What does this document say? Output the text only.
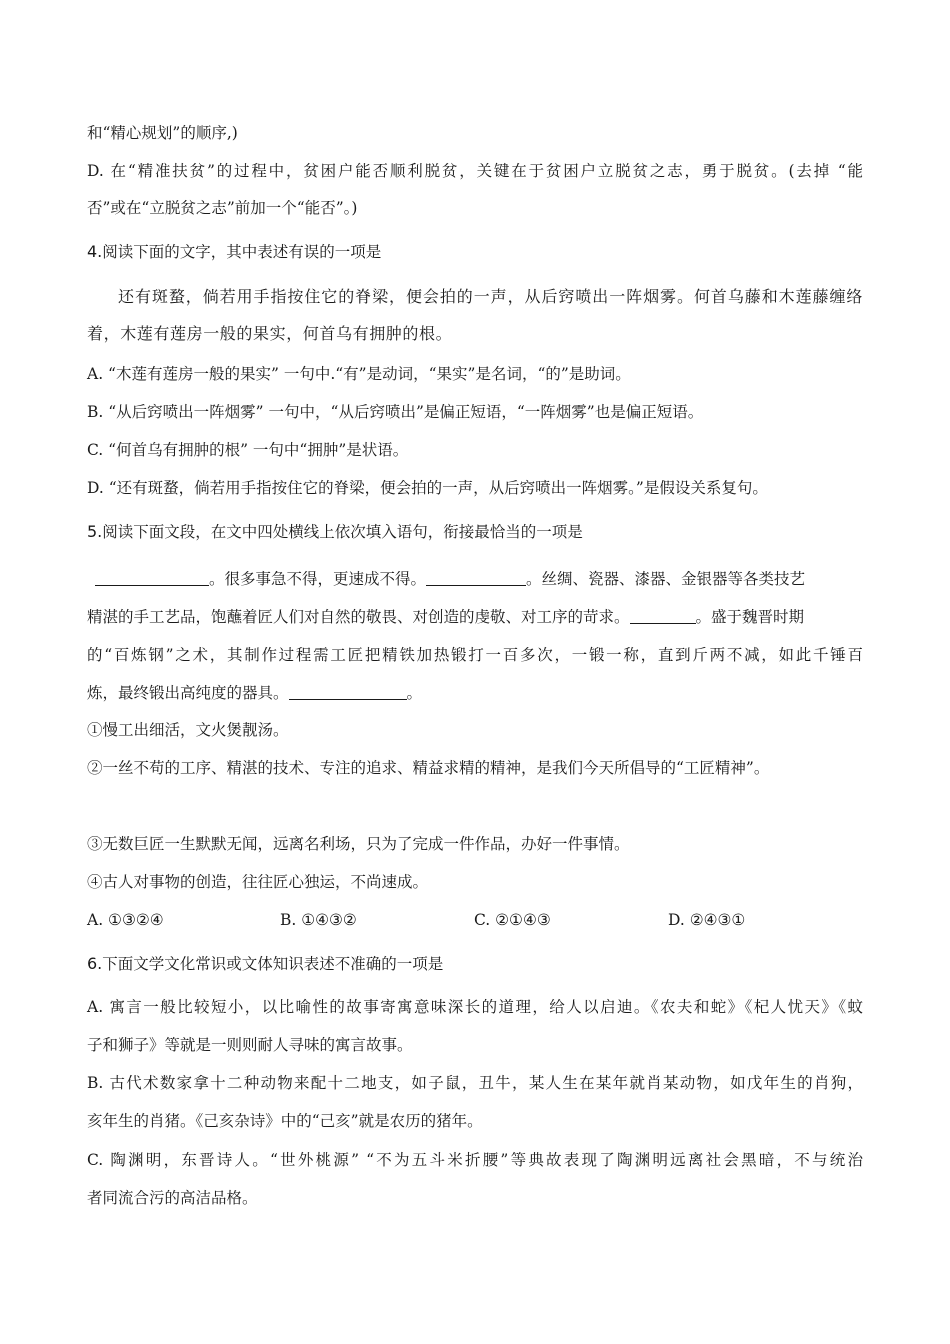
和“精心规划”的顺序,)
D. 在“精准扶贫”的过程中，贫困户能否顺利脱贫，关键在于贫困户立脱贫之志，勇于脱贫。(去掉 “能
否”或在“立脱贫之志”前加一个“能否”。)
4.阅读下面的文字，其中表述有误的一项是
还有斑蝥，倘若用手指按住它的脊梁，便会拍的一声，从后窍喷出一阵烟雾。何首乌藤和木莲藤缠络
着，木莲有莲房一般的果实，何首乌有拥肿的根。
A. “木莲有莲房一般的果实” 一句中.“有”是动词，“果实”是名词，“的”是助词。
B. “从后窍喷出一阵烟雾” 一句中，“从后窍喷出”是偏正短语，“一阵烟雾”也是偏正短语。
C. “何首乌有拥肿的根” 一句中“拥肿”是状语。
D. “还有斑蝥，倘若用手指按住它的脊梁，便会拍的一声，从后窍喷出一阵烟雾。”是假设关系复句。
5.阅读下面文段，在文中四处横线上依次填入语句，衔接最恰当的一项是
。很多事急不得，更速成不得。	。丝绸、瓷器、漆器、金银器等各类技艺
精湛的手工艺品，饱蘸着匠人们对自然的敬畏、对创造的虔敬、对工序的苛求。	。盛于魏晋时期
的“百炼钢”之术，其制作过程需工匠把精铁加热锻打一百多次，一锻一称，直到斤两不减，如此千锤百
炼，最终锻出高纯度的器具。	。
①慢工出细活，文火煲靓汤。
②一丝不苟的工序、精湛的技术、专注的追求、精益求精的精神，是我们今天所倡导的“工匠精神”。
③无数巨匠一生默默无闻，远离名利场，只为了完成一件作品，办好一件事情。
④古人对事物的创造，往往匠心独运，不尚速成。
A. ①③②④	B. ①④③②	C. ②①④③	D. ②④③①
6.下面文学文化常识或文体知识表述不准确的一项是
A. 寓言一般比较短小，以比喻性的故事寄寓意味深长的道理，给人以启迪。《农夫和蛇》《杞人忧天》《蚊
子和狮子》等就是一则则耐人寻味的寓言故事。
B. 古代术数家拿十二种动物来配十二地支，如子鼠，丑牛，某人生在某年就肖某动物，如戊年生的肖狗，
亥年生的肖猪。《己亥杂诗》中的“己亥”就是农历的猪年。
C. 陶渊明，东晋诗人。“世外桃源” “不为五斗米折腰”等典故表现了陶渊明远离社会黑暗，不与统治
者同流合污的高洁品格。
